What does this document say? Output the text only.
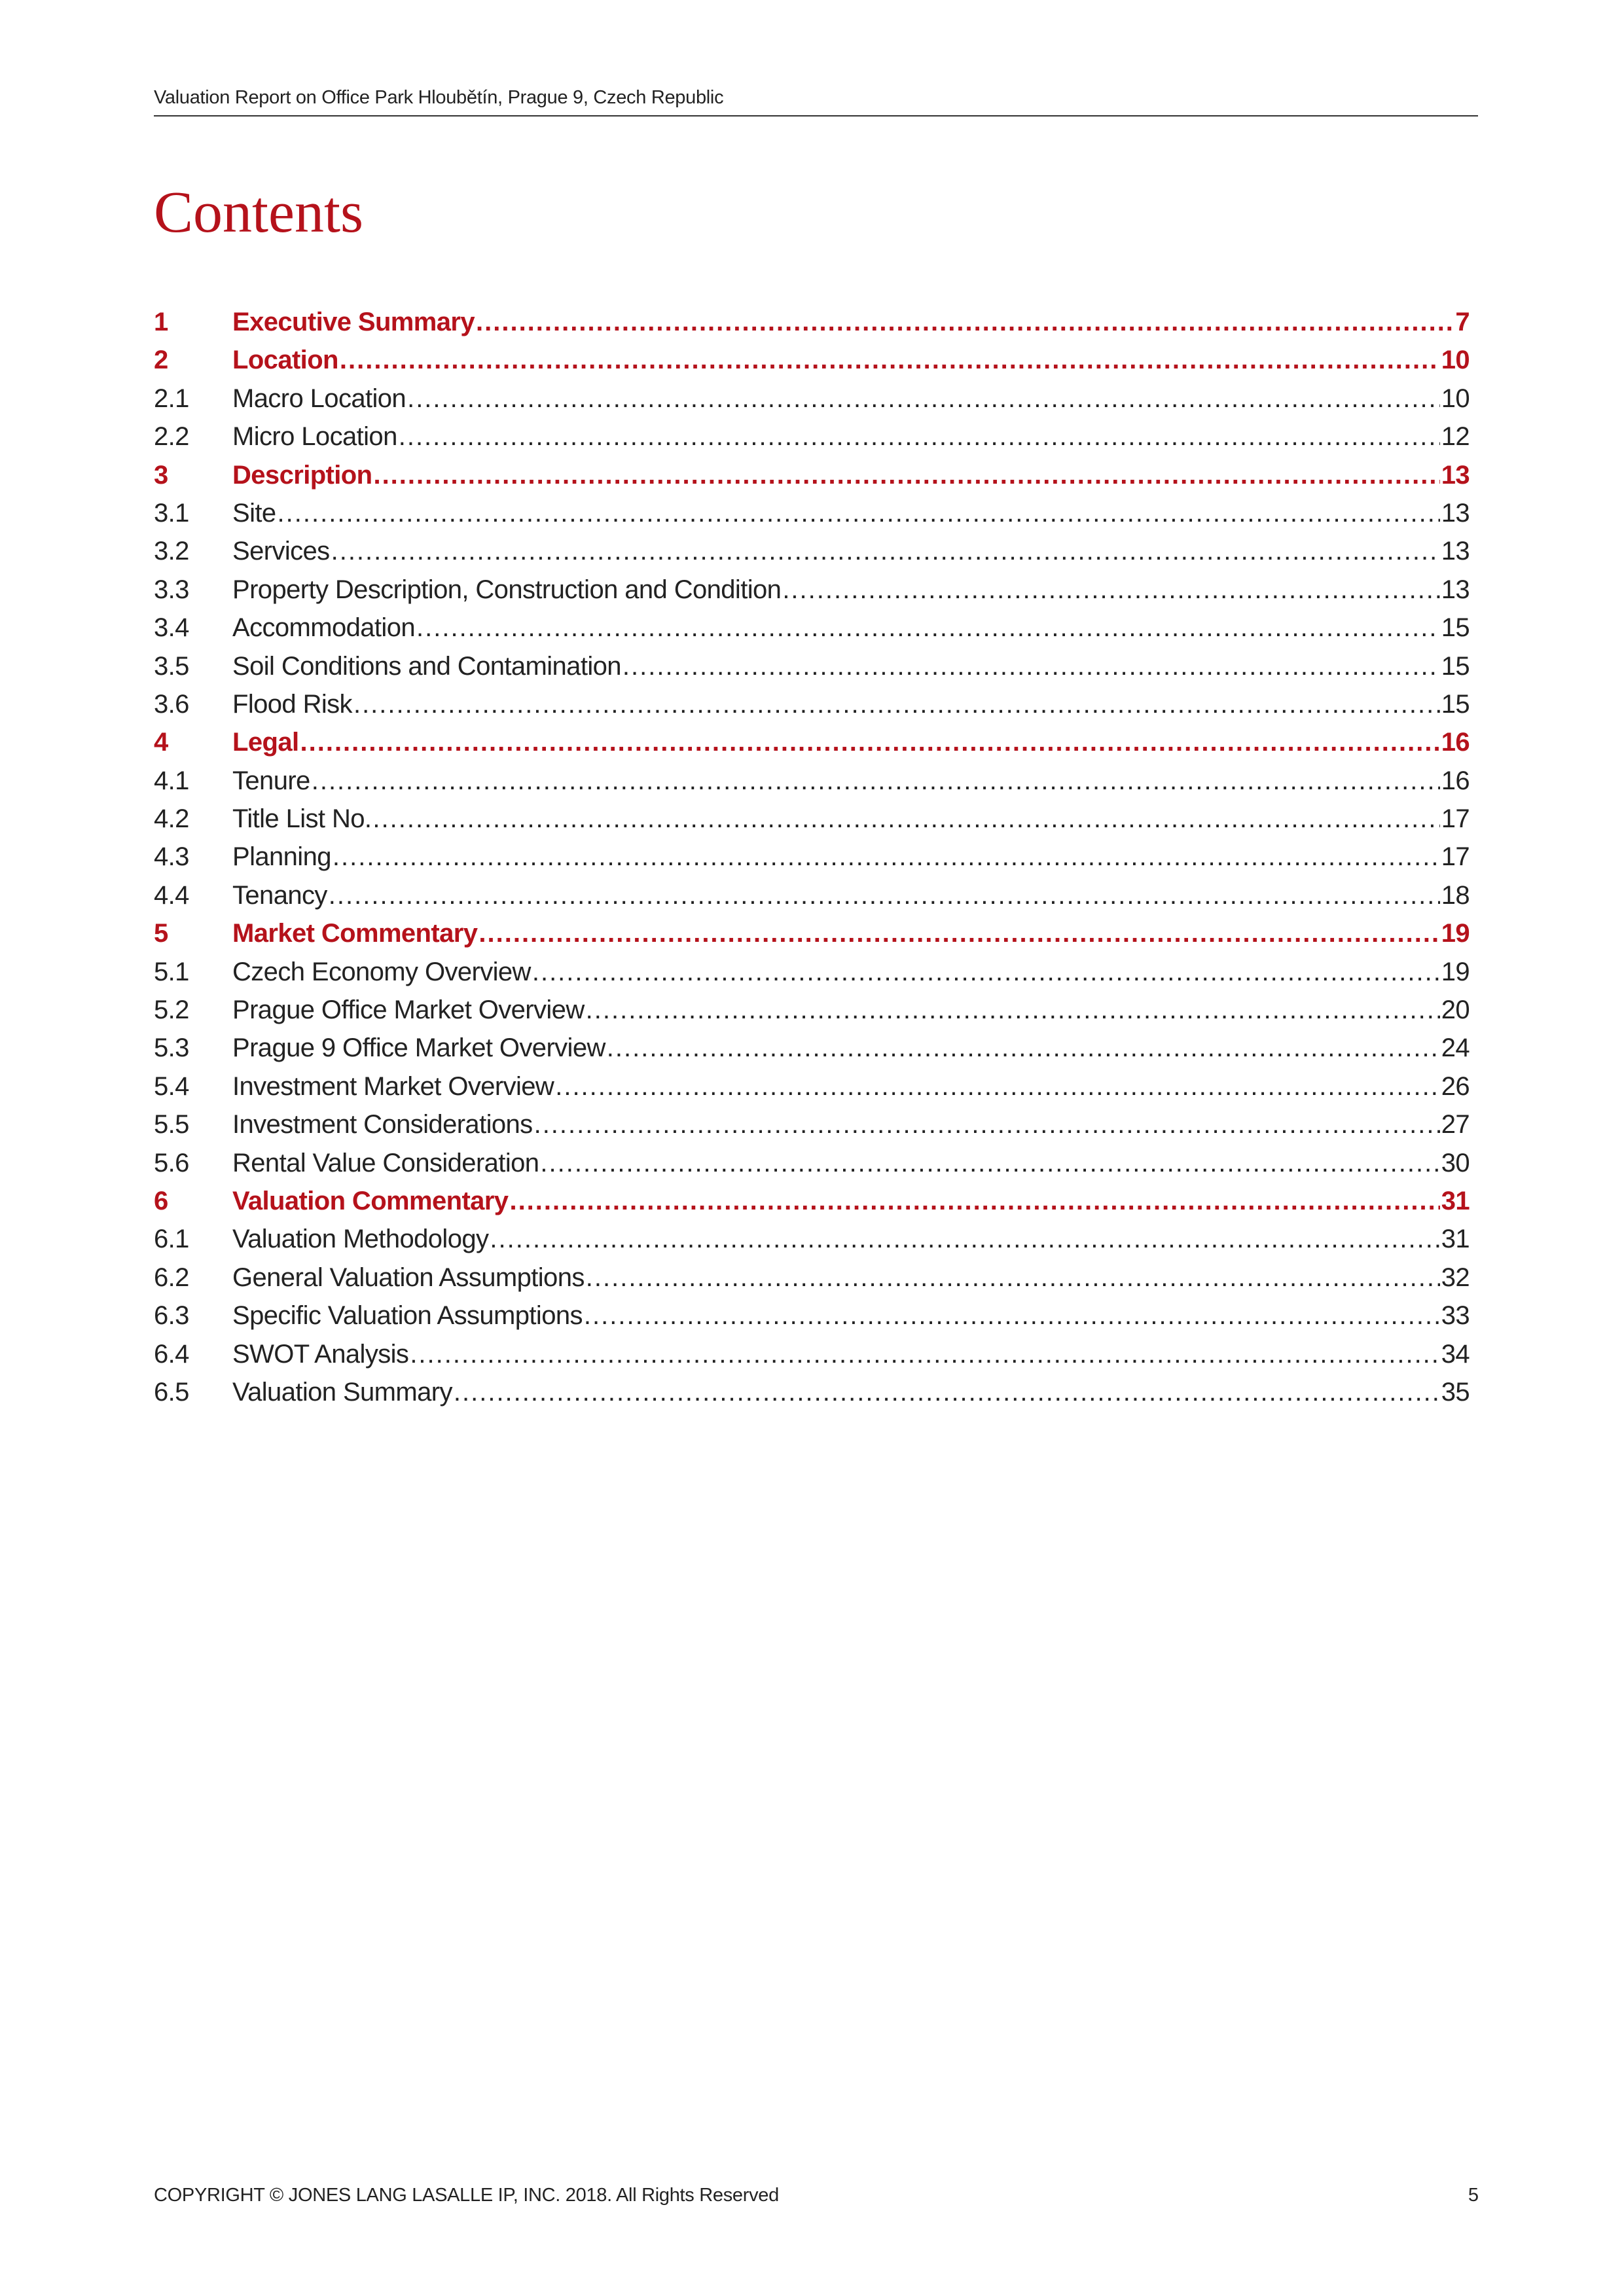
Valuation Report on Office Park Hloubětín, Prague 9, Czech Republic
Contents
1	Executive Summary .....	7
2	Location .....	10
2.1	Macro Location .....	10
2.2	Micro Location .....	12
3	Description .....	13
3.1	Site .....	13
3.2	Services .....	13
3.3	Property Description, Construction and Condition .....	13
3.4	Accommodation .....	15
3.5	Soil Conditions and Contamination .....	15
3.6	Flood Risk .....	15
4	Legal .....	16
4.1	Tenure .....	16
4.2	Title List No. .....	17
4.3	Planning .....	17
4.4	Tenancy .....	18
5	Market Commentary .....	19
5.1	Czech Economy Overview .....	19
5.2	Prague Office Market Overview .....	20
5.3	Prague 9 Office Market Overview .....	24
5.4	Investment Market Overview .....	26
5.5	Investment Considerations .....	27
5.6	Rental Value Consideration .....	30
6	Valuation Commentary .....	31
6.1	Valuation Methodology .....	31
6.2	General Valuation Assumptions .....	32
6.3	Specific Valuation Assumptions .....	33
6.4	SWOT Analysis .....	34
6.5	Valuation Summary .....	35
COPYRIGHT © JONES LANG LASALLE IP, INC. 2018. All Rights Reserved	5
